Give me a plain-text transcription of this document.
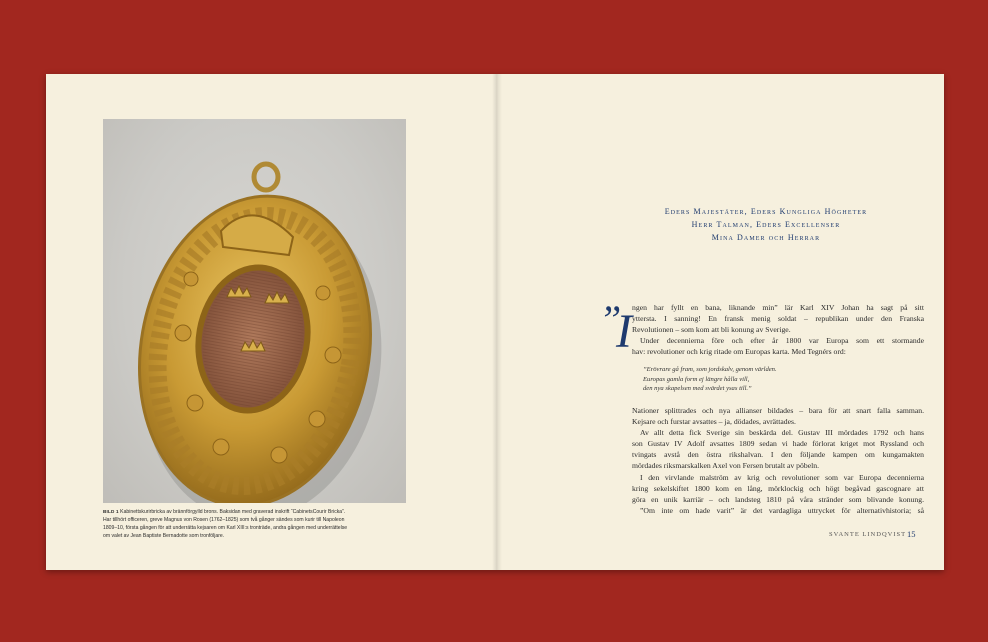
BILD 1 Kabinettskurirbricka av brännförgylld brons. Baksidan med graverad inskrift “CabinetsCourir Bricka”.
Har tillhört officeren, greve Magnus von Rosen (1762–1825) som två gånger sändes som kurir till Napoleon
1809–10, första gången för att underrätta kejsaren om Karl XIII:s tronträde, andra gången med underrättelse
om valet av Jean Baptiste Bernadotte som tronföljare.
Eders Majestäter, Eders Kungliga Högheter
Herr Talman, Eders Excellenser
Mina Damer och Herrar
”
I ngen har fyllt en bana, liknande min” lär Karl XIV Johan ha sagt på sitt
yttersta. I sanning! En fransk menig soldat – republikan under den Franska
Revolutionen – som kom att bli konung av Sverige.
Under decennierna före och efter år 1800 var Europa som ett stormande
hav: revolutioner och krig ritade om Europas karta. Med Tegnérs ord:
”Erövrare gå fram, som jordskalv, genom världen.
Europas gamla form ej längre hålla vill,
den nya skapelsen med svärdet ysas till.”
Nationer splittrades och nya allianser bildades – bara för att snart falla samman.
Kejsare och furstar avsattes – ja, dödades, avrättades.
Av allt detta fick Sverige sin beskärda del. Gustav III mördades 1792 och hans
son Gustav IV Adolf avsattes 1809 sedan vi hade förlorat kriget mot Ryssland och
tvingats avstå den östra rikshalvan. I den följande kampen om kungamakten
mördades riksmarskalken Axel von Fersen brutalt av pöbeln.
I den virvlande malström av krig och revolutioner som var Europa decennierna
kring sekelskiftet 1800 kom en lång, mörklockig och högt begåvad gascognare att
göra en unik karriär – och landsteg 1810 på våra stränder som blivande konung.
”Om inte om hade varit” är det vardagliga uttrycket för alternativhistoria; så
SVANTE LINDQVIST 15
